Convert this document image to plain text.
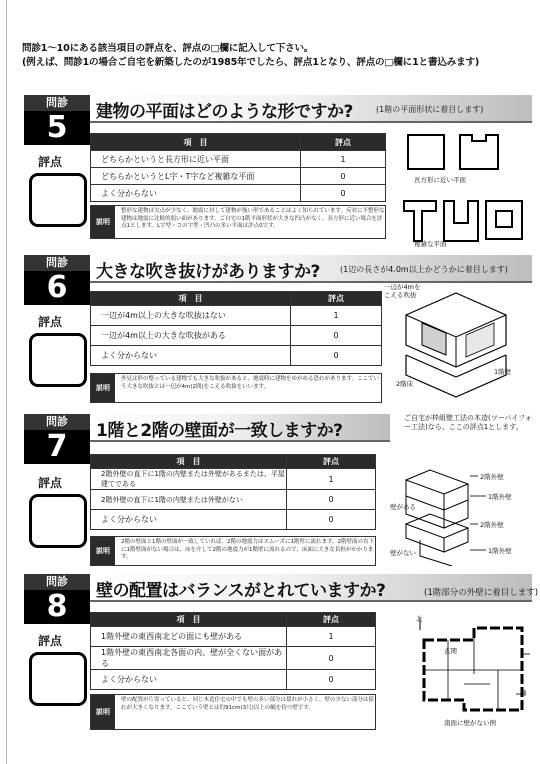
問診1〜10にある該当項目の評点を、評点の□欄に記入して下さい。
(例えば、問診1の場合ご自宅を新築したのが1985年でしたら、評点1となり、評点の□欄に1と書込みます)
問診
5	建物の平面はどのような形ですか?	(1階の平面形状に着目します)
評点
項　目	評点
どちらかというと長方形に近い平面	1
どちらかというとL字・T字など複雑な平面	0
よく分からない	0
説明
整形な建物は欠点が少なく、地震に対して建物が強い形であることはよく知られています。反対に不整形な建物は地震に比較的弱い面があります。ご自宅の1階平面形状が大きな凹凸がなく、長方形に近い場合を評点1とします。L字型・コの字型・凹凸の多い平面は評点0です。
長方形に近い平面
複雑な平面
問診
6	大きな吹き抜けがありますか?	(1辺の長さが4.0m以上かどうかに着目します)
評点
項　目	評点
一辺が4m以上の大きな吹抜はない	1
一辺が4m以上の大きな吹抜がある	0
よく分からない	0
説明
外見は形の整っている建物でも大きな吹抜があると、地震時に建物をゆがめる恐れがあります。ここでいう大きな吹抜とは一辺が4m(2間)をこえる吹抜をいいます。
一辺が4mを
こえる吹抜
1階壁
2階床
問診
7	1階と2階の壁面が一致しますか?
ご自宅が枠組壁工法の木造(ツーバイフォー工法)なら、ここの評点1とします。
評点
項　目	評点
2階外壁の直下に1階の内壁または外壁があるまたは、平屋建てである	1
2階外壁の直下に1階の内壁または外壁がない	0
よく分からない	0
説明
2階の壁面と1階の壁面が一致していれば、2階の地震力はスムーズに1階壁に流れます。2階壁面の直下に1階壁面がない場合は、床を介して2階の地震力が1階壁に流れるので、床面に大きな負担がかかります。
2階外壁
1階外壁
壁がある
2階外壁
1階外壁
壁がない
問診
8	壁の配置はバランスがとれていますか?	(1階部分の外壁に着目します)
評点
項　目	評点
1階外壁の東西南北どの面にも壁がある	1
1階外壁の東西南北各面の内、壁が全くない面がある	0
よく分からない	0
説明
壁の配置が片寄っていると、同じ木造住宅の中でも壁の多い部分は揺れが小さく、壁の少ない部分は揺れが大きくなります。ここでいう壁とは約91cm(3尺)以上の幅を持つ壁です。
北
玄関
壁
南面に壁がない例
